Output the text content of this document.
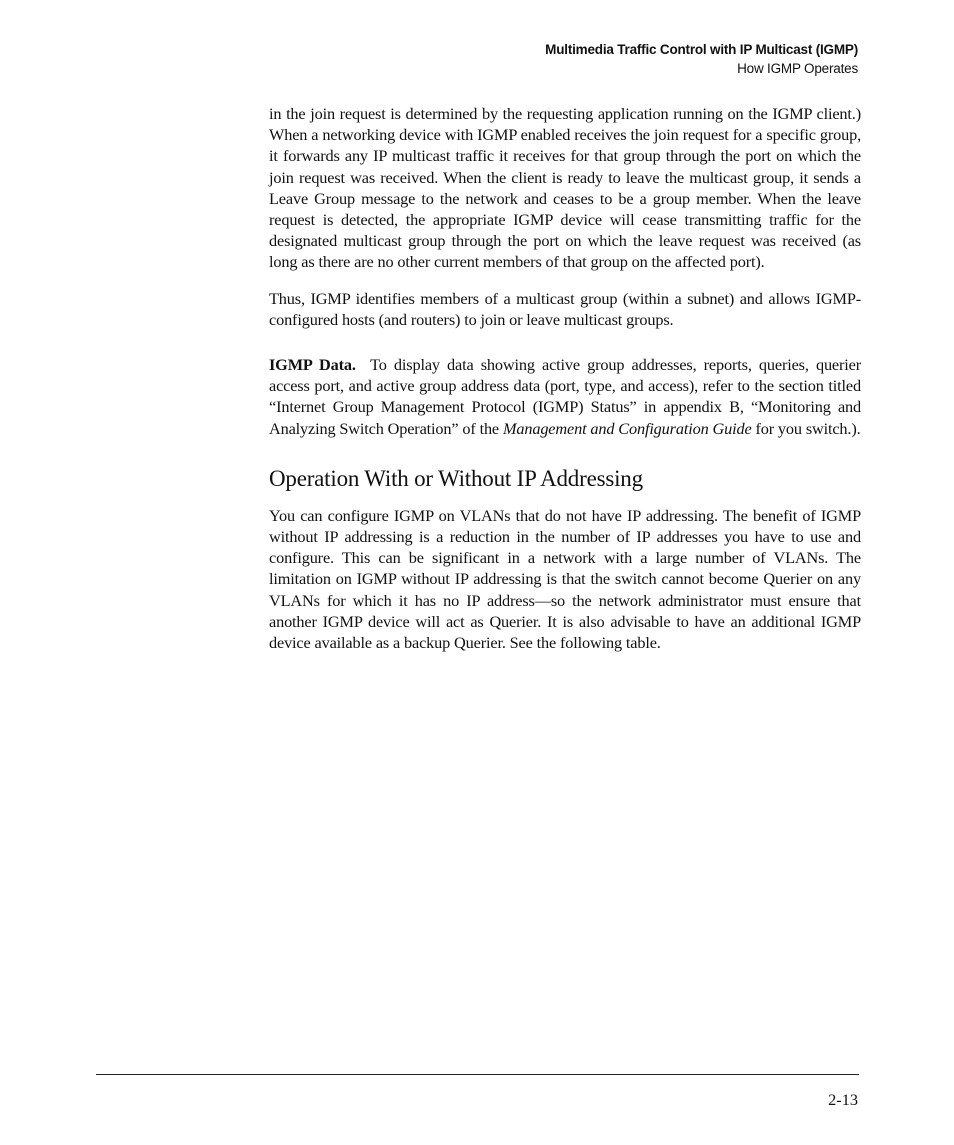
Multimedia Traffic Control with IP Multicast (IGMP)
How IGMP Operates

in the join request is determined by the requesting application running on the IGMP client.) When a networking device with IGMP enabled receives the join request for a specific group, it forwards any IP multicast traffic it receives for that group through the port on which the join request was received. When the client is ready to leave the multicast group, it sends a Leave Group message to the network and ceases to be a group member. When the leave request is detected, the appropriate IGMP device will cease transmitting traffic for the designated multicast group through the port on which the leave request was received (as long as there are no other current members of that group on the affected port).

Thus, IGMP identifies members of a multicast group (within a subnet) and allows IGMP-configured hosts (and routers) to join or leave multicast groups.

IGMP Data. To display data showing active group addresses, reports, queries, querier access port, and active group address data (port, type, and access), refer to the section titled “Internet Group Management Protocol (IGMP) Status” in appendix B, “Monitoring and Analyzing Switch Operation” of the Management and Configuration Guide for you switch.).

Operation With or Without IP Addressing

You can configure IGMP on VLANs that do not have IP addressing. The benefit of IGMP without IP addressing is a reduction in the number of IP addresses you have to use and configure. This can be significant in a network with a large number of VLANs. The limitation on IGMP without IP addressing is that the switch cannot become Querier on any VLANs for which it has no IP address—so the network administrator must ensure that another IGMP device will act as Querier. It is also advisable to have an additional IGMP device available as a backup Querier. See the following table.

2-13
